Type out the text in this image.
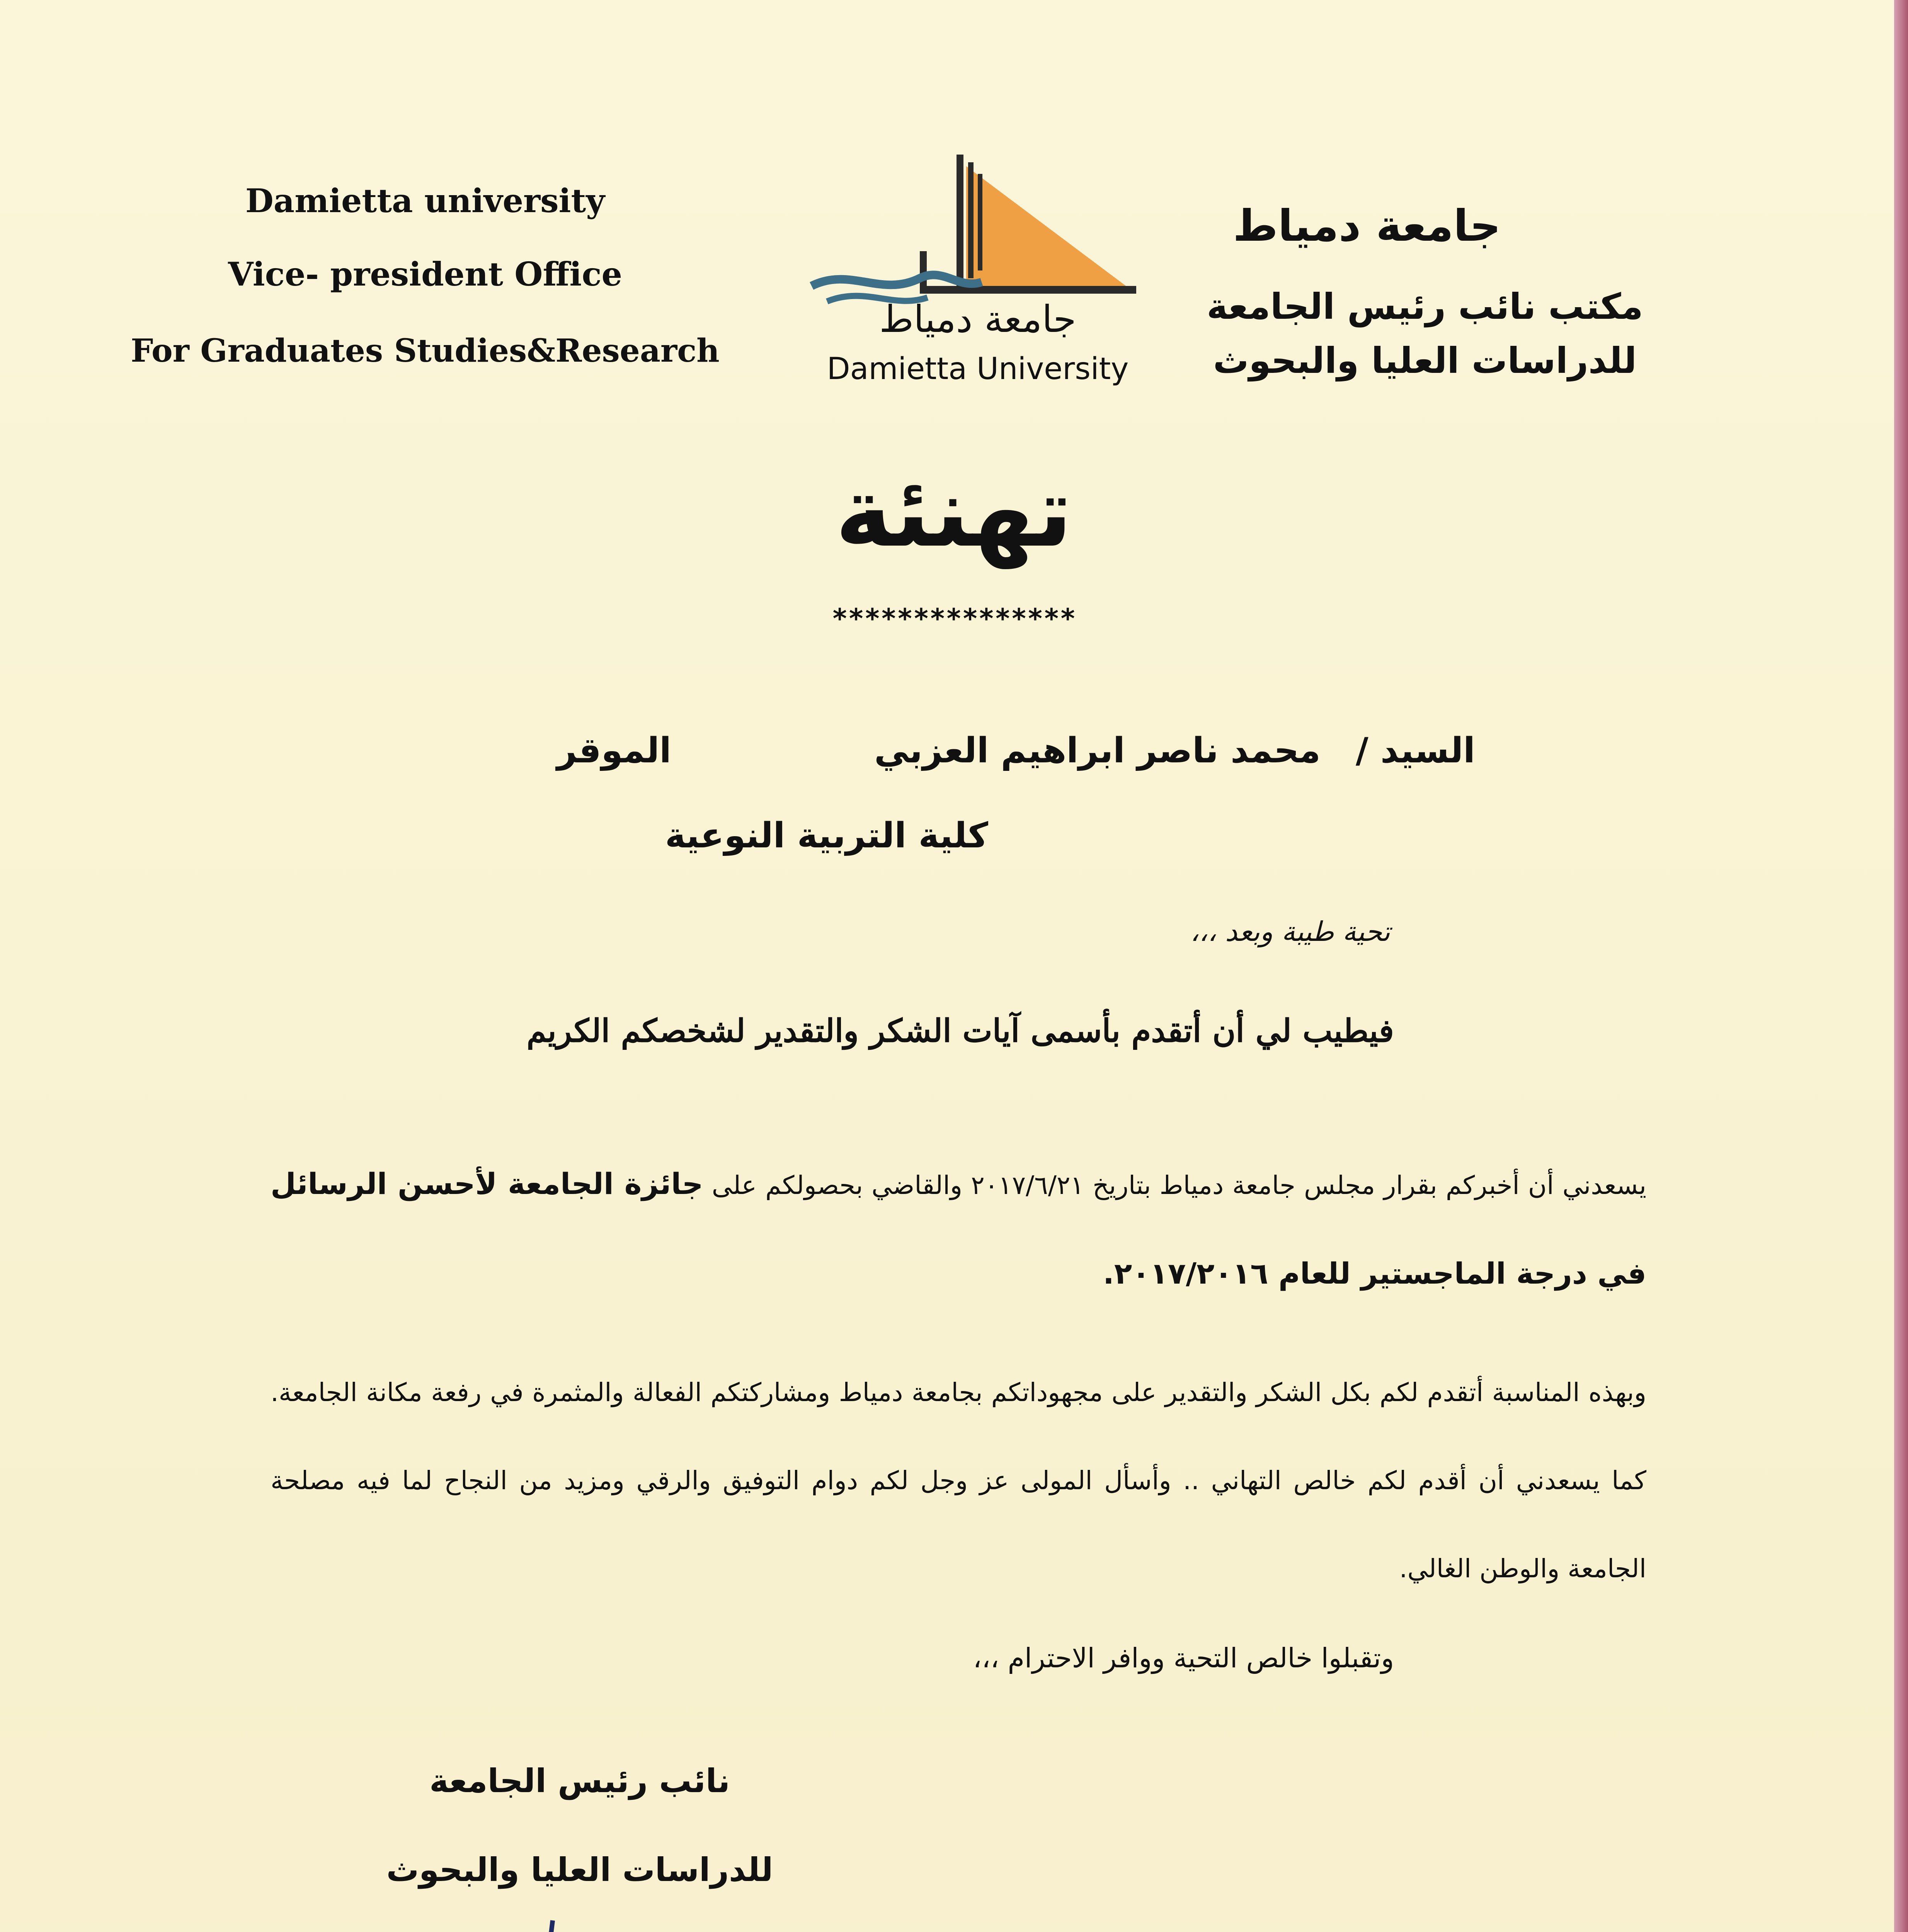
Damietta university
Vice- president Office
For Graduates Studies&Research
جامعة دمياط
Damietta University
جامعة دمياط
مكتب نائب رئيس الجامعة
للدراسات العليا والبحوث
تهنئة
***************
السيد /
محمد ناصر ابراهيم العزبي
الموقر
كلية التربية النوعية
تحية طيبة وبعد ،،،
فيطيب لي أن أتقدم بأسمى آيات الشكر والتقدير لشخصكم الكريم
يسعدني أن أخبركم بقرار مجلس جامعة دمياط بتاريخ ٢٠١٧/٦/٢١ والقاضي بحصولكم على جائزة الجامعة لأحسن الرسائل في درجة الماجستير للعام ٢٠١٧/٢٠١٦.
وبهذه المناسبة أتقدم لكم بكل الشكر والتقدير على مجهوداتكم بجامعة دمياط ومشاركتكم الفعالة والمثمرة في رفعة مكانة الجامعة. كما يسعدني أن أقدم لكم خالص التهاني .. وأسأل المولى عز وجل لكم دوام التوفيق والرقي ومزيد من النجاح لما فيه مصلحة الجامعة والوطن الغالي.
وتقبلوا خالص التحية ووافر الاحترام ،،،
نائب رئيس الجامعة
للدراسات العليا والبحوث
